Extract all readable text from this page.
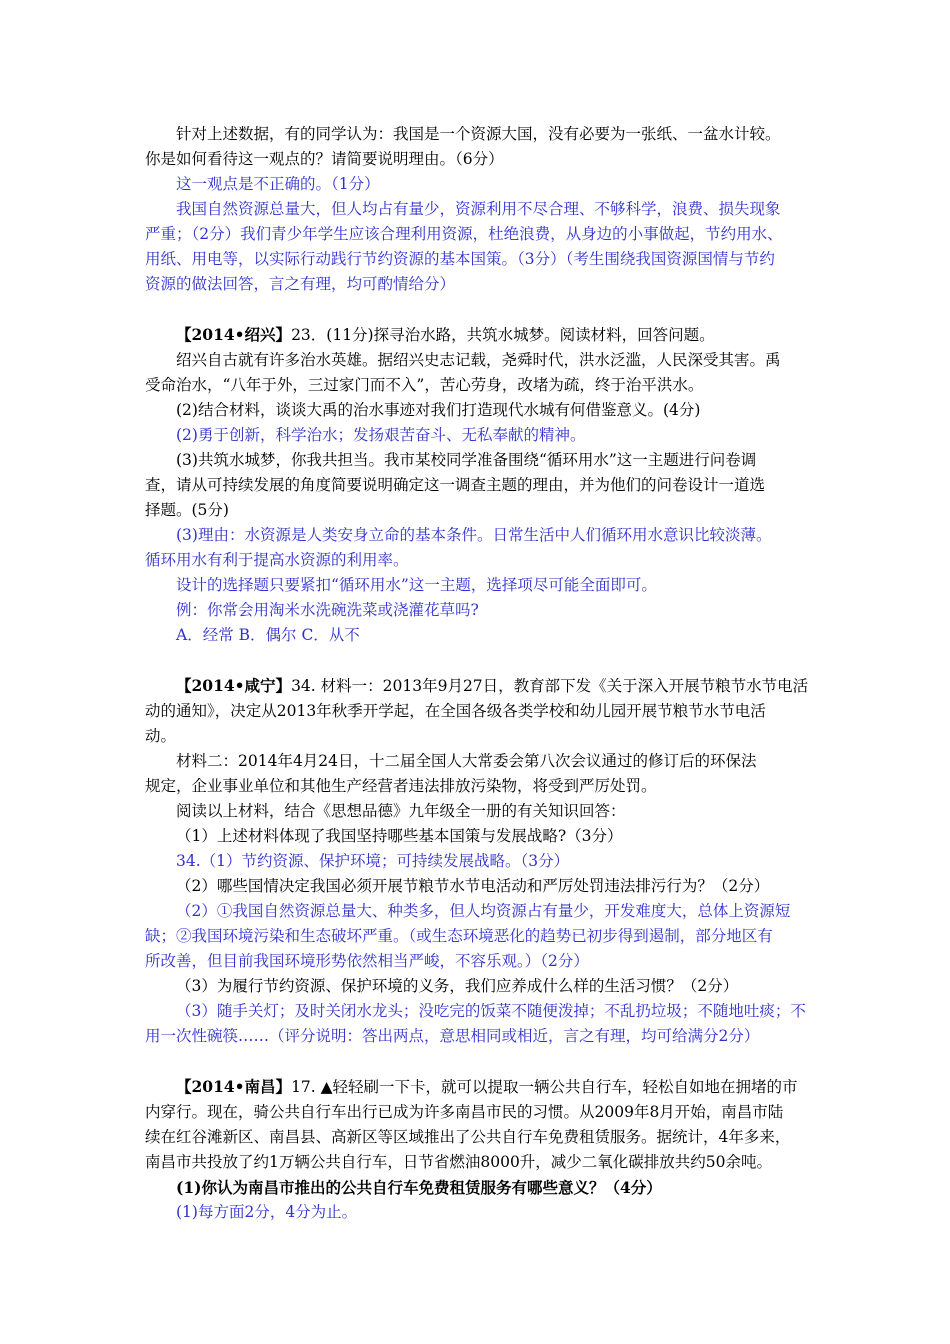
针对上述数据，有的同学认为：我国是一个资源大国，没有必要为一张纸、一盆水计较。

你是如何看待这一观点的？请简要说明理由。（6分）

这一观点是不正确的。（1分）

我国自然资源总量大，但人均占有量少，资源利用不尽合理、不够科学，浪费、损失现象

严重；（2分）我们青少年学生应该合理利用资源，杜绝浪费，从身边的小事做起，节约用水、

用纸、用电等，以实际行动践行节约资源的基本国策。（3分）（考生围绕我国资源国情与节约

资源的做法回答，言之有理，均可酌情给分）

【2014•绍兴】23．(11分)探寻治水路，共筑水城梦。阅读材料，回答问题。

绍兴自古就有许多治水英雄。据绍兴史志记载，尧舜时代，洪水泛滥，人民深受其害。禹

受命治水，“八年于外，三过家门而不入”，苦心劳身，改堵为疏，终于治平洪水。

(2)结合材料，谈谈大禹的治水事迹对我们打造现代水城有何借鉴意义。(4分)

(2)勇于创新，科学治水；发扬艰苦奋斗、无私奉献的精神。

(3)共筑水城梦，你我共担当。我市某校同学准备围绕“循环用水”这一主题进行问卷调

查，请从可持续发展的角度简要说明确定这一调查主题的理由，并为他们的问卷设计一道选

择题。(5分)

(3)理由：水资源是人类安身立命的基本条件。日常生活中人们循环用水意识比较淡薄。

循环用水有利于提高水资源的利用率。

设计的选择题只要紧扣“循环用水”这一主题，选择项尽可能全面即可。

例：你常会用淘米水洗碗洗菜或浇灌花草吗?

A．经常 B．偶尔 C．从不

【2014•咸宁】34. 材料一：2013年9月27日，教育部下发《关于深入开展节粮节水节电活

动的通知》，决定从2013年秋季开学起，在全国各级各类学校和幼儿园开展节粮节水节电活

动。

材料二：2014年4月24日，十二届全国人大常委会第八次会议通过的修订后的环保法

规定，企业事业单位和其他生产经营者违法排放污染物，将受到严厉处罚。

阅读以上材料，结合《思想品德》九年级全一册的有关知识回答：

（1）上述材料体现了我国坚持哪些基本国策与发展战略?（3分）

34.（1）节约资源、保护环境；可持续发展战略。（3分）

（2）哪些国情决定我国必须开展节粮节水节电活动和严厉处罚违法排污行为？（2分）

（2）①我国自然资源总量大、种类多，但人均资源占有量少，开发难度大，总体上资源短

缺；②我国环境污染和生态破坏严重。（或生态环境恶化的趋势已初步得到遏制，部分地区有

所改善，但目前我国环境形势依然相当严峻，不容乐观。）（2分）

（3）为履行节约资源、保护环境的义务，我们应养成什么样的生活习惯？（2分）

（3）随手关灯；及时关闭水龙头；没吃完的饭菜不随便泼掉；不乱扔垃圾；不随地吐痰；不

用一次性碗筷……（评分说明：答出两点，意思相同或相近，言之有理，均可给满分2分）

【2014•南昌】17. ▲轻轻刷一下卡，就可以提取一辆公共自行车，轻松自如地在拥堵的市

内穿行。现在，骑公共自行车出行已成为许多南昌市民的习惯。从2009年8月开始，南昌市陆

续在红谷滩新区、南昌县、高新区等区域推出了公共自行车免费租赁服务。据统计，4年多来，

南昌市共投放了约1万辆公共自行车，日节省燃油8000升，减少二氧化碳排放共约50余吨。

(1)你认为南昌市推出的公共自行车免费租赁服务有哪些意义？（4分）

(1)每方面2分，4分为止。
